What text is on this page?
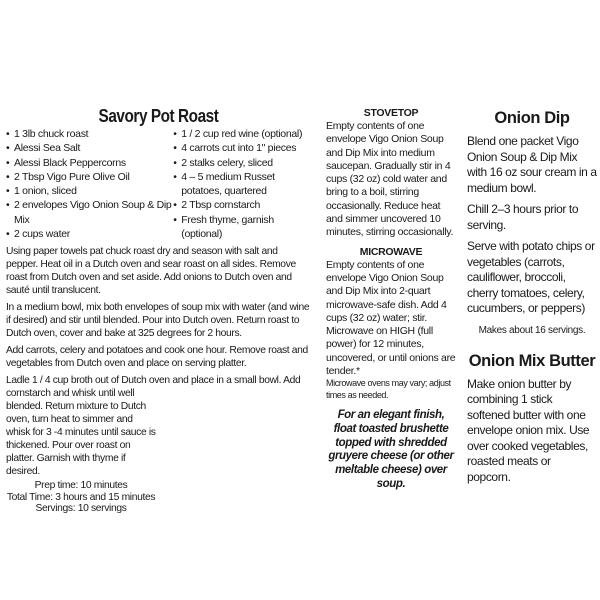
Savory Pot Roast
• 1 3lb chuck roast
• Alessi Sea Salt
• Alessi Black Peppercorns
• 2 Tbsp Vigo Pure Olive Oil
• 1 onion, sliced
• 2 envelopes Vigo Onion Soup & Dip Mix
• 2 cups water
• 1 / 2 cup red wine (optional)
• 4 carrots cut into 1" pieces
• 2 stalks celery, sliced
• 4 – 5 medium Russet potatoes, quartered
• 2 Tbsp cornstarch
• Fresh thyme, garnish (optional)

Using paper towels pat chuck roast dry and season with salt and pepper. Heat oil in a Dutch oven and sear roast on all sides. Remove roast from Dutch oven and set aside. Add onions to Dutch oven and sauté until translucent.

In a medium bowl, mix both envelopes of soup mix with water (and wine if desired) and stir until blended. Pour into Dutch oven. Return roast to Dutch oven, cover and bake at 325 degrees for 2 hours.

Add carrots, celery and potatoes and cook one hour. Remove roast and vegetables from Dutch oven and place on serving platter.

Ladle 1 / 4 cup broth out of Dutch oven and place in a small bowl. Add cornstarch and whisk until well

blended. Return mixture to Dutch oven, turn heat to simmer and whisk for 3 -4 minutes until sauce is thickened. Pour over roast on platter. Garnish with thyme if desired.

Prep time: 10 minutes
Total Time: 3 hours and 15 minutes
Servings: 10 servings
STOVETOP

Empty contents of one envelope Vigo Onion Soup and Dip Mix into medium saucepan. Gradually stir in 4 cups (32 oz) cold water and bring to a boil, stirring occasionally. Reduce heat and simmer uncovered 10 minutes, stirring occasionally.

MICROWAVE

Empty contents of one envelope Vigo Onion Soup and Dip Mix into 2-quart microwave-safe dish. Add 4 cups (32 oz) water; stir. Microwave on HIGH (full power) for 12 minutes, uncovered, or until onions are tender.*

Microwave ovens may vary; adjust times as needed.

For an elegant finish, float toasted brushette topped with shredded gruyere cheese (or other meltable cheese) over soup.
Onion Dip

Blend one packet Vigo Onion Soup & Dip Mix with 16 oz sour cream in a medium bowl.

Chill 2–3 hours prior to serving.

Serve with potato chips or vegetables (carrots, cauliflower, broccoli, cherry tomatoes, celery, cucumbers, or peppers)

Makes about 16 servings.

Onion Mix Butter

Make onion butter by combining 1 stick softened butter with one envelope onion mix. Use over cooked vegetables, roasted meats or popcorn.
